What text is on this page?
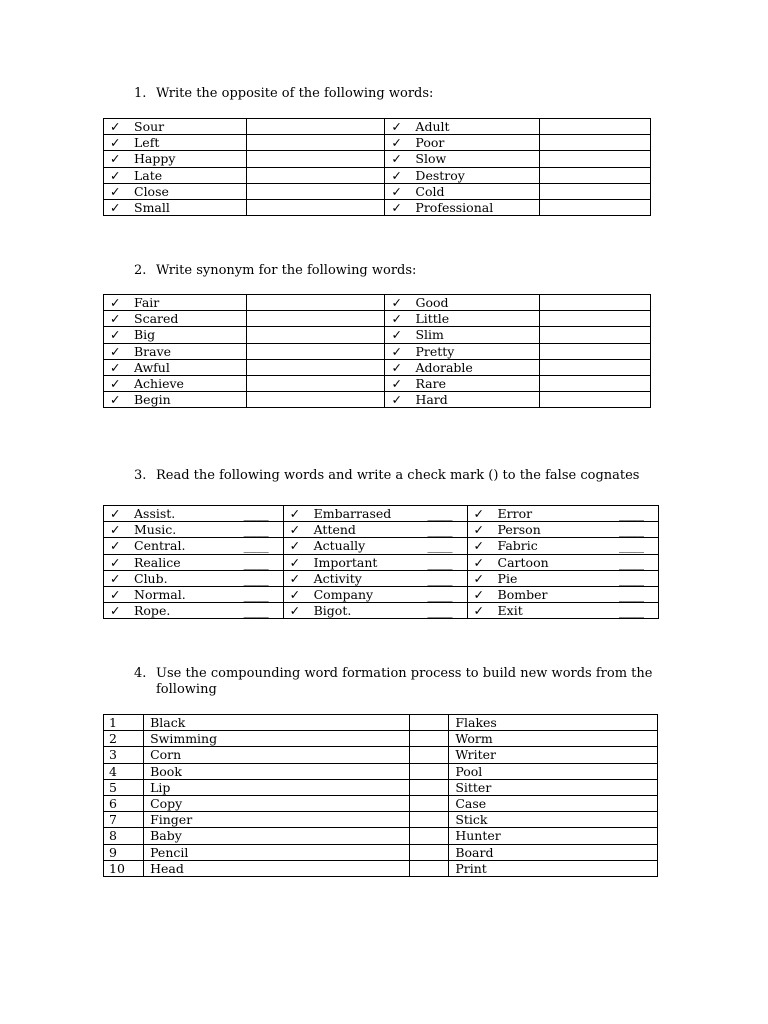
1. Write the opposite of the following words:
✓ Sour		✓ Adult	
✓ Left		✓ Poor	
✓ Happy		✓ Slow	
✓ Late		✓ Destroy	
✓ Close		✓ Cold	
✓ Small		✓ Professional	
2. Write synonym for the following words:
✓ Fair		✓ Good	
✓ Scared		✓ Little	
✓ Big		✓ Slim	
✓ Brave		✓ Pretty	
✓ Awful		✓ Adorable	
✓ Achieve		✓ Rare	
✓ Begin		✓ Hard	
3. Read the following words and write a check mark () to the false cognates
✓ Assist. ____	✓ Embarrased ____	✓ Error ____

✓ Music. ____	✓ Attend ____	✓ Person ____

✓ Central. ____	✓ Actually ____	✓ Fabric ____

✓ Realice ____	✓ Important ____	✓ Cartoon ____

✓ Club. ____	✓ Activity ____	✓ Pie ____

✓ Normal. ____	✓ Company ____	✓ Bomber ____

✓ Rope. ____	✓ Bigot. ____	✓ Exit ____
4. Use the compounding word formation process to build new words from the
following
1	Black		Flakes
2	Swimming		Worm
3	Corn		Writer
4	Book		Pool
5	Lip		Sitter
6	Copy		Case
7	Finger		Stick
8	Baby		Hunter
9	Pencil		Board
10	Head		Print
